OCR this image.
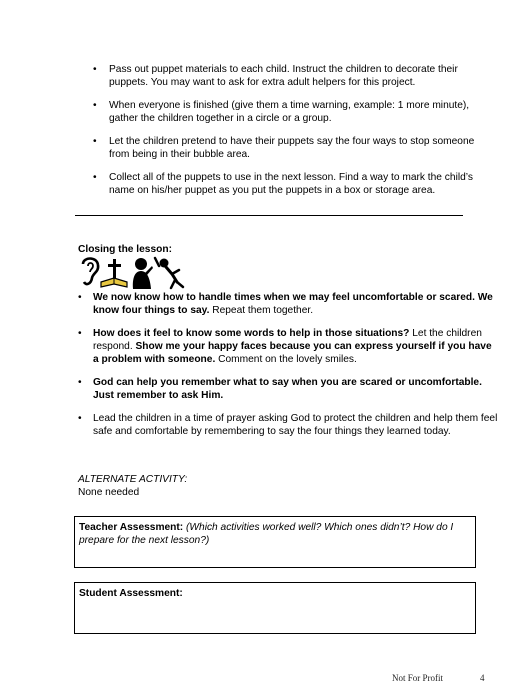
• Pass out puppet materials to each child. Instruct the children to decorate their puppets. You may want to ask for extra adult helpers for this project.
• When everyone is finished (give them a time warning, example: 1 more minute), gather the children together in a circle or a group.
• Let the children pretend to have their puppets say the four ways to stop someone from being in their bubble area.
• Collect all of the puppets to use in the next lesson. Find a way to mark the child’s name on his/her puppet as you put the puppets in a box or storage area.
Closing the lesson:
• We now know how to handle times when we may feel uncomfortable or scared. We know four things to say. Repeat them together.
• How does it feel to know some words to help in those situations? Let the children respond. Show me your happy faces because you can express yourself if you have a problem with someone. Comment on the lovely smiles.
• God can help you remember what to say when you are scared or uncomfortable. Just remember to ask Him.
• Lead the children in a time of prayer asking God to protect the children and help them feel safe and comfortable by remembering to say the four things they learned today.
ALTERNATE ACTIVITY:
None needed
Teacher Assessment: (Which activities worked well? Which ones didn’t? How do I prepare for the next lesson?)
Student Assessment:
Not For Profit	4
